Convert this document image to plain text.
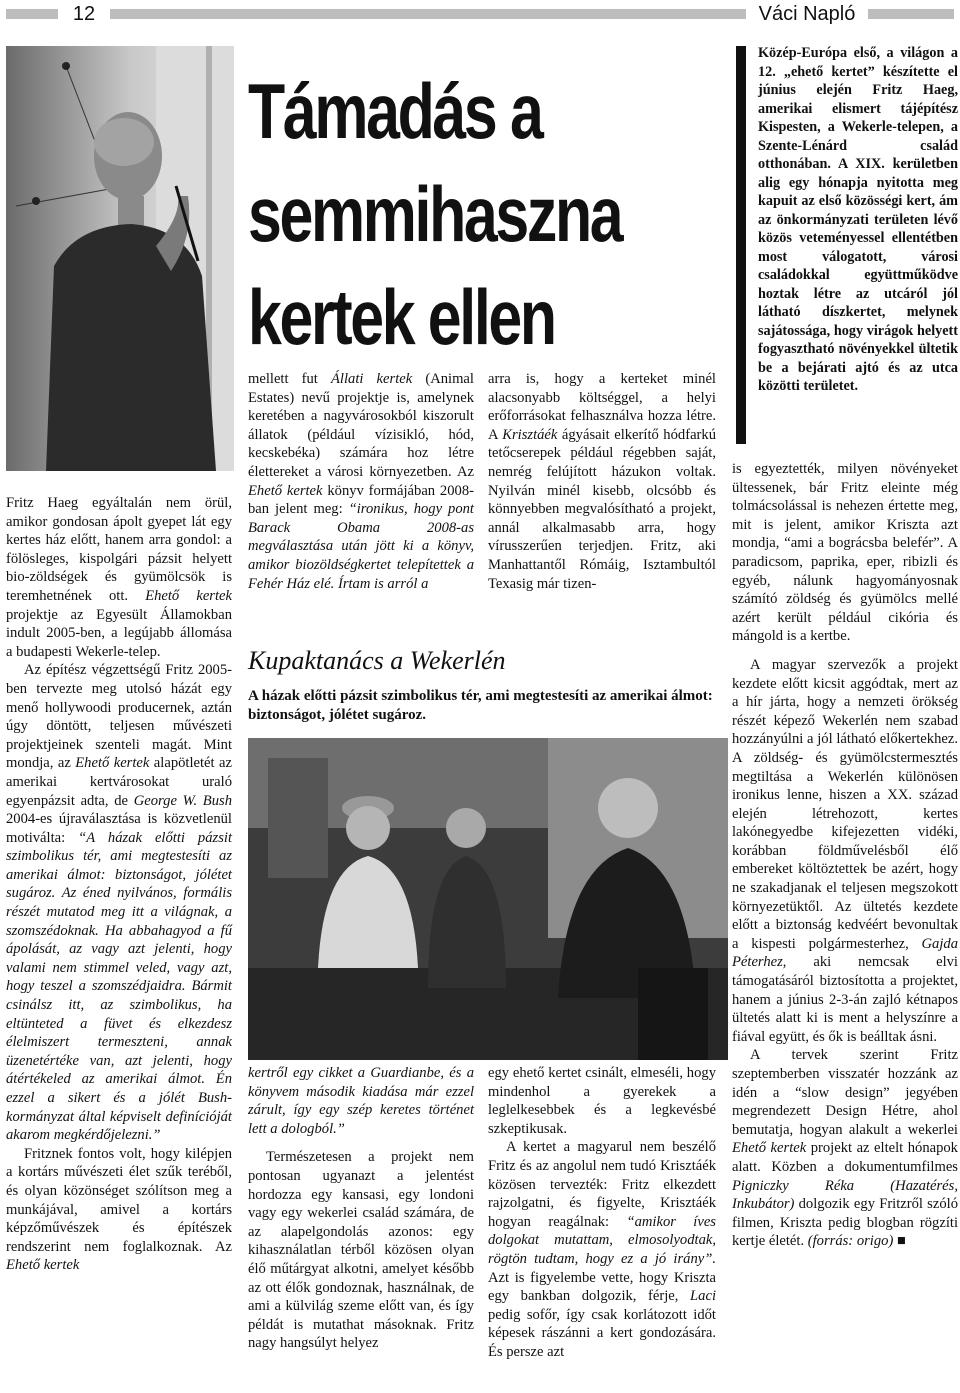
12	Váci Napló
Támadás a
semmihaszna
kertek ellen
Közép-Európa első, a világon a 12. „ehető kertet” készítette el június elején Fritz Haeg, amerikai elismert tájépítész Kispesten, a Wekerle-telepen, a Szente-Lénárd család otthonában. A XIX. kerületben alig egy hónapja nyitotta meg kapuit az első közösségi kert, ám az önkormányzati területen lévő közös veteményessel ellentétben most válogatott, városi családokkal együttműködve hoztak létre az utcáról jól látható díszkertet, melynek sajátossága, hogy virágok helyett fogyasztható növényekkel ültetik be a bejárati ajtó és az utca közötti területet.

Fritz Haeg egyáltalán nem örül, amikor gondosan ápolt gyepet lát egy kertes ház előtt, hanem arra gondol: a fölösleges, kispolgári pázsit helyett bio-zöldségek és gyümölcsök is teremhetnének ott. Ehető kertek projektje az Egyesült Államokban indult 2005-ben, a legújabb állomása a budapesti Wekerle-telep.

Az építész végzettségű Fritz 2005-ben tervezte meg utolsó házát egy menő hollywoodi producernek, aztán úgy döntött, teljesen művészeti projektjeinek szenteli magát. Mint mondja, az Ehető kertek alapötletét az amerikai kertvárosokat uraló egyenpázsit adta, de George W. Bush 2004-es újraválasztása is közvetlenül motiválta: “A házak előtti pázsit szimbolikus tér, ami megtestesíti az amerikai álmot: biztonságot, jólétet sugároz. Az éned nyilvános, formális részét mutatod meg itt a világnak, a szomszédoknak. Ha abbahagyod a fű ápolását, az vagy azt jelenti, hogy valami nem stimmel veled, vagy azt, hogy teszel a szomszédjaidra. Bármit csinálsz itt, az szimbolikus, ha eltünteted a füvet és elkezdesz élelmiszert termeszteni, annak üzenetértéke van, azt jelenti, hogy átértékeled az amerikai álmot. Én ezzel a sikert és a jólét Bush-kormányzat által képviselt definícióját akarom megkérdőjelezni.”

Fritznek fontos volt, hogy kilépjen a kortárs művészeti élet szűk teréből, és olyan közönséget szólítson meg a munkájával, amivel a kortárs képzőművészek és építészek rendszerint nem foglalkoznak. Az Ehető kertek

mellett fut Állati kertek (Animal Estates) nevű projektje is, amelynek keretében a nagyvárosokból kiszorult állatok (például vízisikló, hód, kecskebéka) számára hoz létre élettereket a városi környezetben. Az Ehető kertek könyv formájában 2008-ban jelent meg: “ironikus, hogy pont Barack Obama 2008-as megválasztása után jött ki a könyv, amikor biozöldségkertet telepítettek a Fehér Ház elé. Írtam is arról a

arra is, hogy a kerteket minél alacsonyabb költséggel, a helyi erőforrásokat felhasználva hozza létre. A Krisztáék ágyásait elkerítő hódfarkú tetőcserepek például régebben saját, nemrég felújított házukon voltak. Nyilván minél kisebb, olcsóbb és könnyebben megvalósítható a projekt, annál alkalmasabb arra, hogy vírusszerűen terjedjen. Fritz, aki Manhattantől Rómáig, Isztambultól Texasig már tizen-

Kupaktanács a Wekerlén
A házak előtti pázsit szimbolikus tér, ami megtestesíti az amerikai álmot: biztonságot, jólétet sugároz.

kertről egy cikket a Guardianbe, és a könyvem második kiadása már ezzel zárult, így egy szép keretes történet lett a dologból.”

Természetesen a projekt nem pontosan ugyanazt a jelentést hordozza egy kansasi, egy londoni vagy egy wekerlei család számára, de az alapelgondolás azonos: egy kihasználatlan térből közösen olyan élő műtárgyat alkotni, amelyet később az ott élők gondoznak, használnak, de ami a külvilág szeme előtt van, és így példát is mutathat másoknak. Fritz nagy hangsúlyt helyez

egy ehető kertet csinált, elmeséli, hogy mindenhol a gyerekek a leglelkesebbek és a legkevésbé szkeptikusak.

A kertet a magyarul nem beszélő Fritz és az angolul nem tudó Krisztáék közösen tervezték: Fritz elkezdett rajzolgatni, és figyelte, Krisztáék hogyan reagálnak: “amikor íves dolgokat mutattam, elmosolyodtak, rögtön tudtam, hogy ez a jó irány”. Azt is figyelembe vette, hogy Kriszta egy bankban dolgozik, férje, Laci pedig sofőr, így csak korlátozott időt képesek rászánni a kert gondozására. És persze azt

is egyeztették, milyen növényeket ültessenek, bár Fritz eleinte még tolmácsolással is nehezen értette meg, mit is jelent, amikor Kriszta azt mondja, “ami a bográcsba belefér”. A paradicsom, paprika, eper, ribizli és egyéb, nálunk hagyományosnak számító zöldség és gyümölcs mellé azért került például cikória és mángold is a kertbe.

A magyar szervezők a projekt kezdete előtt kicsit aggódtak, mert az a hír járta, hogy a nemzeti örökség részét képező Wekerlén nem szabad hozzányúlni a jól látható előkertekhez. A zöldség- és gyümölcstermesztés megtiltása a Wekerlén különösen ironikus lenne, hiszen a XX. század elején létrehozott, kertes lakónegyedbe kifejezetten vidéki, korábban földművelésből élő embereket költöztettek be azért, hogy ne szakadjanak el teljesen megszokott környezetüktől. Az ültetés kezdete előtt a biztonság kedvéért bevonultak a kispesti polgármesterhez, Gajda Péterhez, aki nemcsak elvi támogatásáról biztosította a projektet, hanem a június 2-3-án zajló kétnapos ültetés alatt ki is ment a helyszínre a fiával együtt, és ők is beálltak ásni.

A tervek szerint Fritz szeptemberben visszatér hozzánk az idén a “slow design” jegyében megrendezett Design Hétre, ahol bemutatja, hogyan alakult a wekerlei Ehető kertek projekt az eltelt hónapok alatt. Közben a dokumentumfilmes Pigniczky Réka (Hazatérés, Inkubátor) dolgozik egy Fritzről szóló filmen, Kriszta pedig blogban rögzíti kertje életét. (forrás: origo) ■
